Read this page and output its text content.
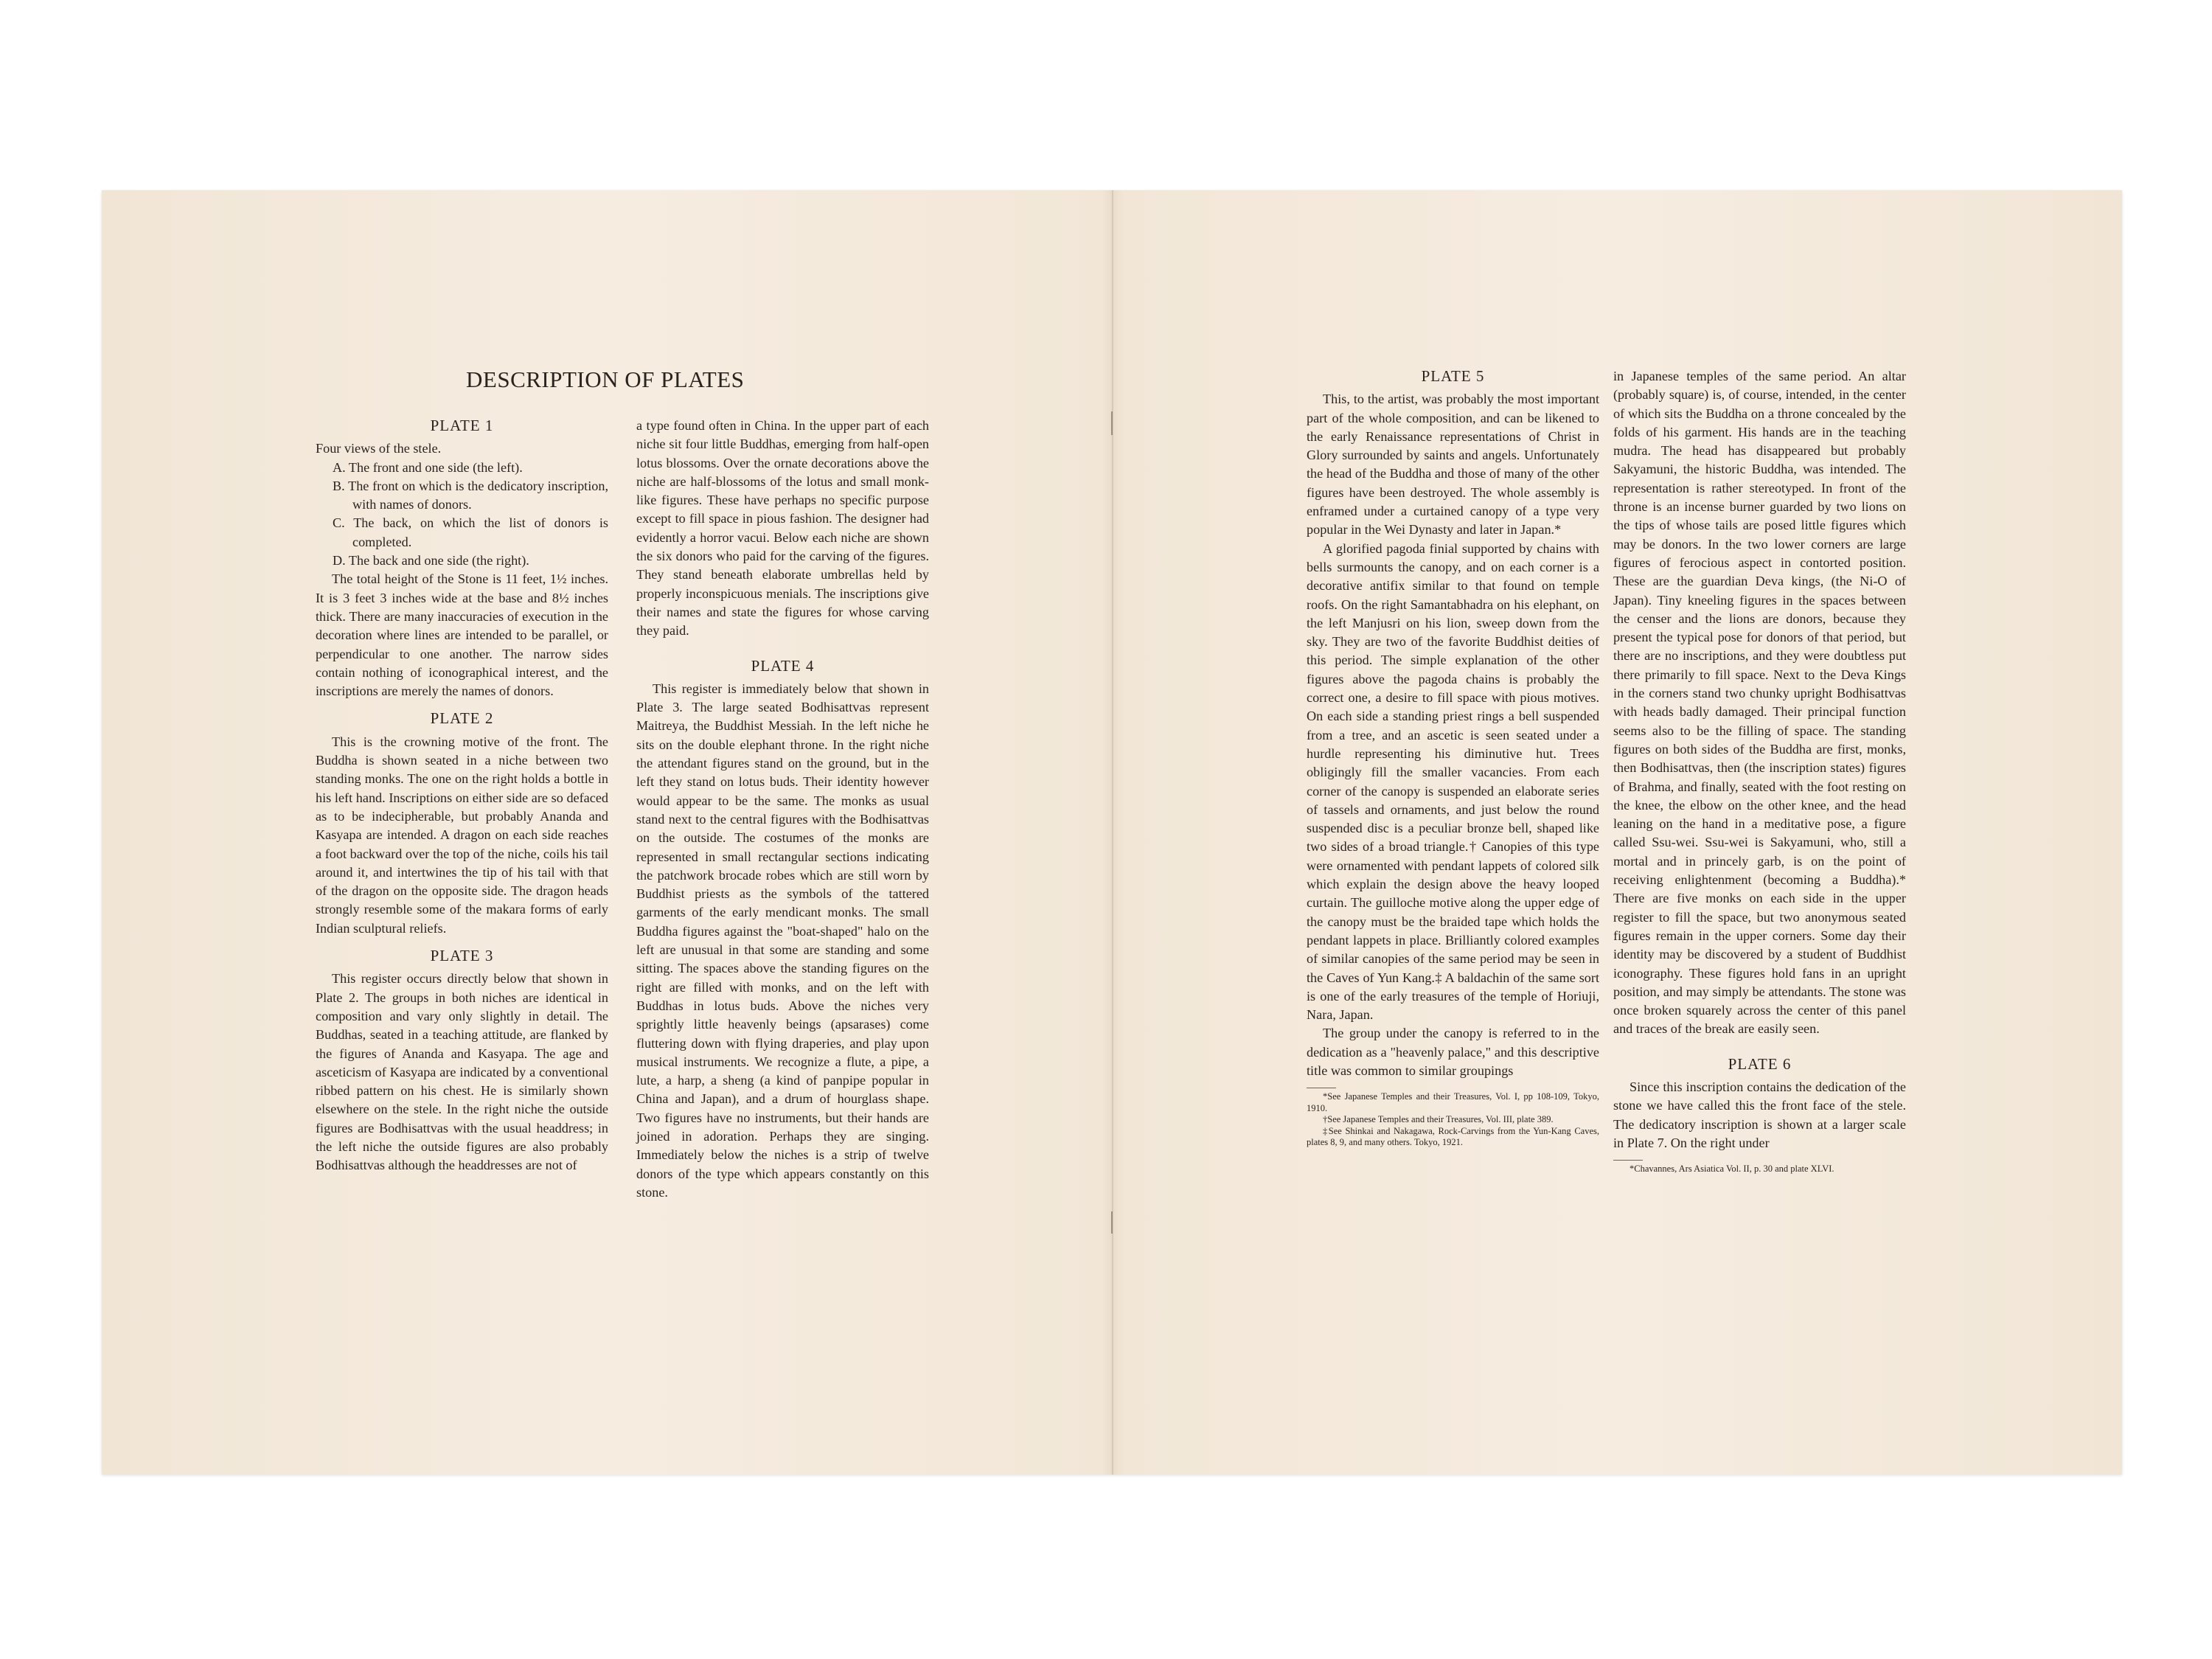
DESCRIPTION OF PLATES
PLATE 1

Four views of the stele.

A. The front and one side (the left).

B. The front on which is the dedicatory inscription, with names of donors.

C. The back, on which the list of donors is completed.

D. The back and one side (the right).

The total height of the Stone is 11 feet, 1½ inches. It is 3 feet 3 inches wide at the base and 8½ inches thick. There are many inaccuracies of execution in the decoration where lines are intended to be parallel, or perpendicular to one another. The narrow sides contain nothing of iconographical interest, and the inscriptions are merely the names of donors.

PLATE 2

This is the crowning motive of the front. The Buddha is shown seated in a niche between two standing monks. The one on the right holds a bottle in his left hand. Inscriptions on either side are so defaced as to be indecipherable, but probably Ananda and Kasyapa are intended. A dragon on each side reaches a foot backward over the top of the niche, coils his tail around it, and intertwines the tip of his tail with that of the dragon on the opposite side. The dragon heads strongly resemble some of the makara forms of early Indian sculptural reliefs.

PLATE 3

This register occurs directly below that shown in Plate 2. The groups in both niches are identical in composition and vary only slightly in detail. The Buddhas, seated in a teaching attitude, are flanked by the figures of Ananda and Kasyapa. The age and asceticism of Kasyapa are indicated by a conventional ribbed pattern on his chest. He is similarly shown elsewhere on the stele. In the right niche the outside figures are Bodhisattvas with the usual headdress; in the left niche the outside figures are also probably Bodhisattvas although the headdresses are not of

a type found often in China. In the upper part of each niche sit four little Buddhas, emerging from half-open lotus blossoms. Over the ornate decorations above the niche are half-blossoms of the lotus and small monk-like figures. These have perhaps no specific purpose except to fill space in pious fashion. The designer had evidently a horror vacui. Below each niche are shown the six donors who paid for the carving of the figures. They stand beneath elaborate umbrellas held by properly inconspicuous menials. The inscriptions give their names and state the figures for whose carving they paid.

PLATE 4

This register is immediately below that shown in Plate 3. The large seated Bodhisattvas represent Maitreya, the Buddhist Messiah. In the left niche he sits on the double elephant throne. In the right niche the attendant figures stand on the ground, but in the left they stand on lotus buds. Their identity however would appear to be the same. The monks as usual stand next to the central figures with the Bodhisattvas on the outside. The costumes of the monks are represented in small rectangular sections indicating the patchwork brocade robes which are still worn by Buddhist priests as the symbols of the tattered garments of the early mendicant monks. The small Buddha figures against the "boat-shaped" halo on the left are unusual in that some are standing and some sitting. The spaces above the standing figures on the right are filled with monks, and on the left with Buddhas in lotus buds. Above the niches very sprightly little heavenly beings (apsarases) come fluttering down with flying draperies, and play upon musical instruments. We recognize a flute, a pipe, a lute, a harp, a sheng (a kind of panpipe popular in China and Japan), and a drum of hourglass shape. Two figures have no instruments, but their hands are joined in adoration. Perhaps they are singing. Immediately below the niches is a strip of twelve donors of the type which appears constantly on this stone.

PLATE 5

This, to the artist, was probably the most important part of the whole composition, and can be likened to the early Renaissance representations of Christ in Glory surrounded by saints and angels. Unfortunately the head of the Buddha and those of many of the other figures have been destroyed. The whole assembly is enframed under a curtained canopy of a type very popular in the Wei Dynasty and later in Japan.*

A glorified pagoda finial supported by chains with bells surmounts the canopy, and on each corner is a decorative antifix similar to that found on temple roofs. On the right Samantabhadra on his elephant, on the left Manjusri on his lion, sweep down from the sky. They are two of the favorite Buddhist deities of this period. The simple explanation of the other figures above the pagoda chains is probably the correct one, a desire to fill space with pious motives. On each side a standing priest rings a bell suspended from a tree, and an ascetic is seen seated under a hurdle representing his diminutive hut. Trees obligingly fill the smaller vacancies. From each corner of the canopy is suspended an elaborate series of tassels and ornaments, and just below the round suspended disc is a peculiar bronze bell, shaped like two sides of a broad triangle.† Canopies of this type were ornamented with pendant lappets of colored silk which explain the design above the heavy looped curtain. The guilloche motive along the upper edge of the canopy must be the braided tape which holds the pendant lappets in place. Brilliantly colored examples of similar canopies of the same period may be seen in the Caves of Yun Kang.‡ A baldachin of the same sort is one of the early treasures of the temple of Horiuji, Nara, Japan.

The group under the canopy is referred to in the dedication as a "heavenly palace," and this descriptive title was common to similar groupings

*See Japanese Temples and their Treasures, Vol. I, pp 108-109, Tokyo, 1910.

†See Japanese Temples and their Treasures, Vol. III, plate 389.

‡See Shinkai and Nakagawa, Rock-Carvings from the Yun-Kang Caves, plates 8, 9, and many others. Tokyo, 1921.

in Japanese temples of the same period. An altar (probably square) is, of course, intended, in the center of which sits the Buddha on a throne concealed by the folds of his garment. His hands are in the teaching mudra. The head has disappeared but probably Sakyamuni, the historic Buddha, was intended. The representation is rather stereotyped. In front of the throne is an incense burner guarded by two lions on the tips of whose tails are posed little figures which may be donors. In the two lower corners are large figures of ferocious aspect in contorted position. These are the guardian Deva kings, (the Ni-O of Japan). Tiny kneeling figures in the spaces between the censer and the lions are donors, because they present the typical pose for donors of that period, but there are no inscriptions, and they were doubtless put there primarily to fill space. Next to the Deva Kings in the corners stand two chunky upright Bodhisattvas with heads badly damaged. Their principal function seems also to be the filling of space. The standing figures on both sides of the Buddha are first, monks, then Bodhisattvas, then (the inscription states) figures of Brahma, and finally, seated with the foot resting on the knee, the elbow on the other knee, and the head leaning on the hand in a meditative pose, a figure called Ssu-wei. Ssu-wei is Sakyamuni, who, still a mortal and in princely garb, is on the point of receiving enlightenment (becoming a Buddha).* There are five monks on each side in the upper register to fill the space, but two anonymous seated figures remain in the upper corners. Some day their identity may be discovered by a student of Buddhist iconography. These figures hold fans in an upright position, and may simply be attendants. The stone was once broken squarely across the center of this panel and traces of the break are easily seen.

PLATE 6

Since this inscription contains the dedication of the stone we have called this the front face of the stele. The dedicatory inscription is shown at a larger scale in Plate 7. On the right under

*Chavannes, Ars Asiatica Vol. II, p. 30 and plate XLVI.
